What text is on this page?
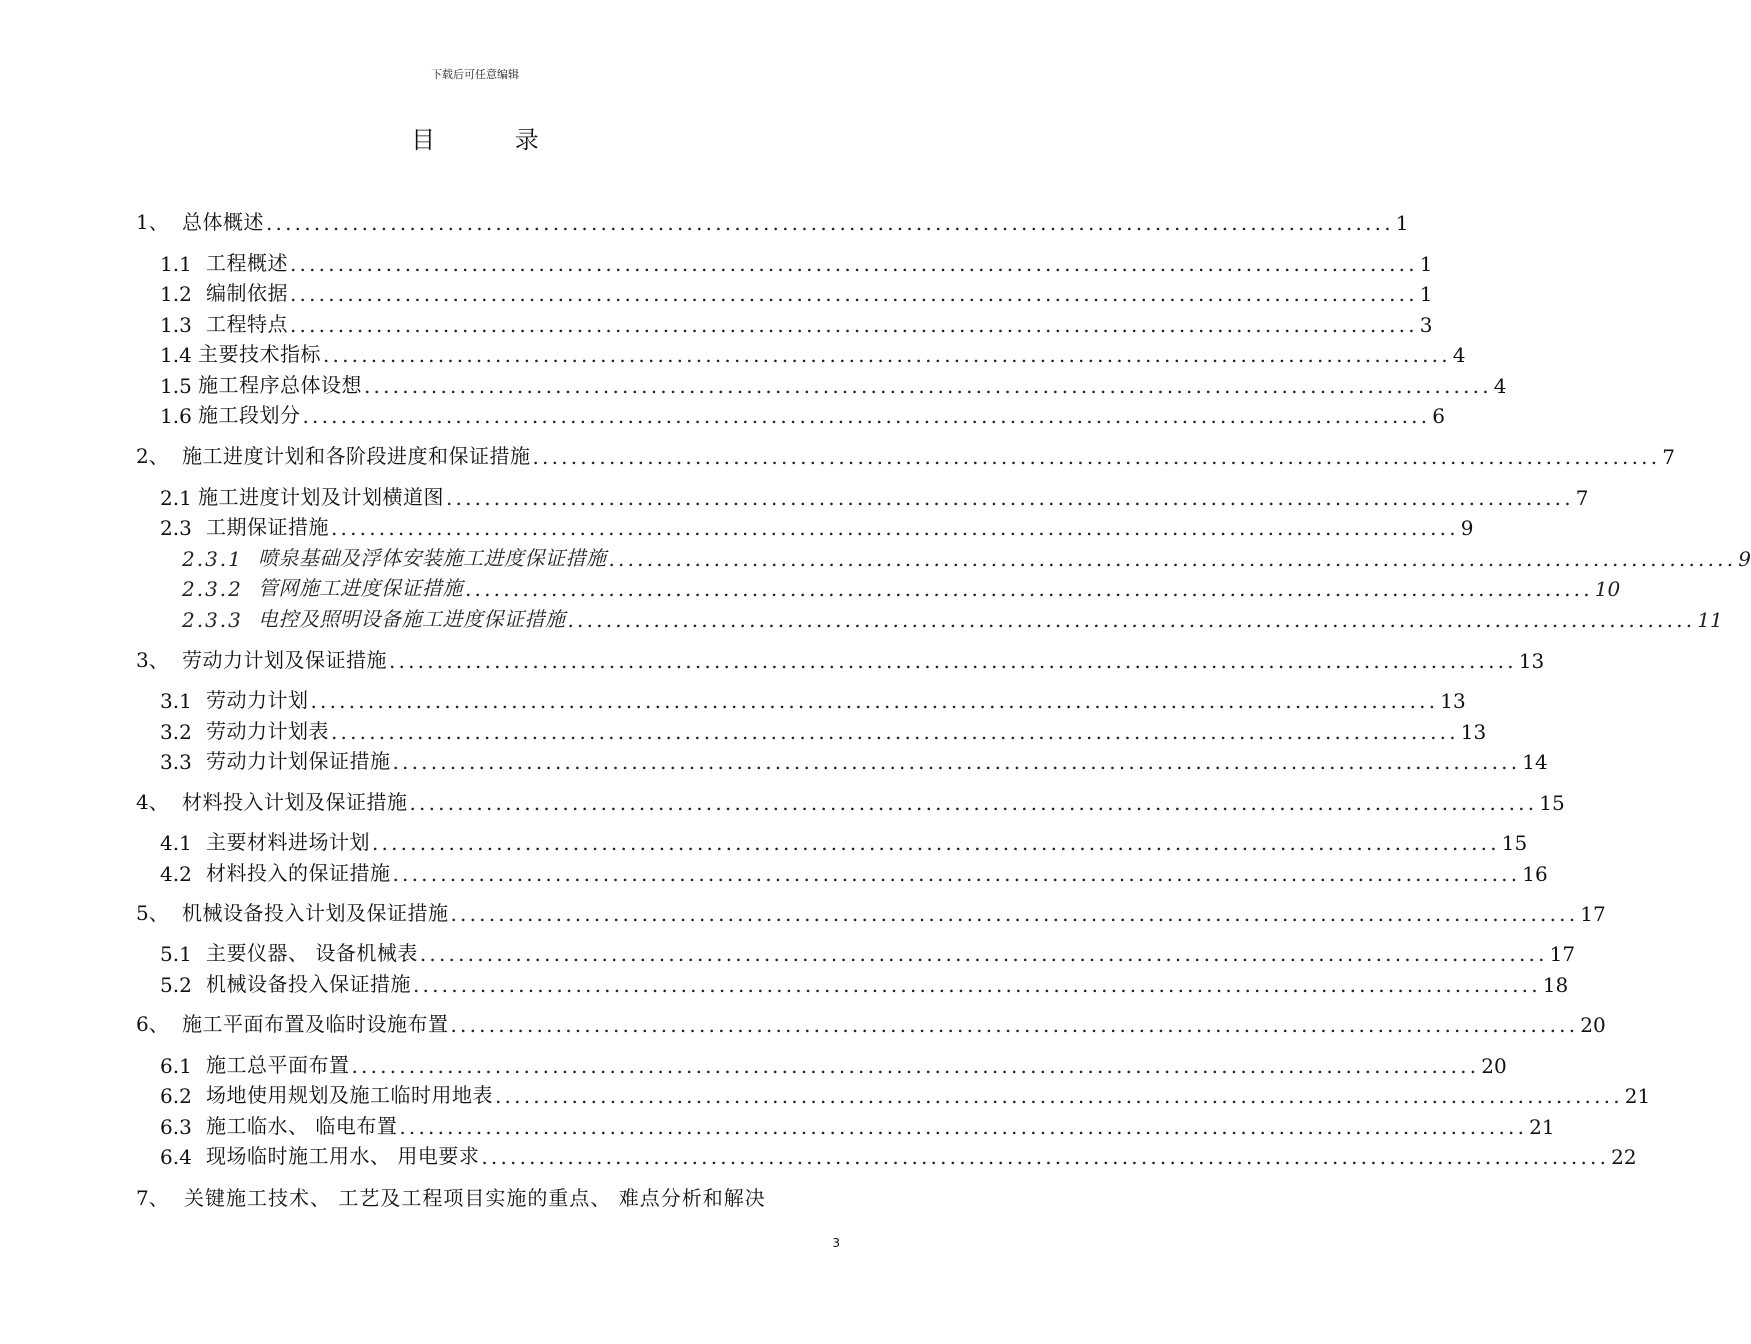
下载后可任意编辑
目 录
1、 总体概述 ...................................................................................................................... 1
1.1 工程概述 ...................................................................................................................... 1
1.2 编制依据 ...................................................................................................................... 1
1.3 工程特点 ...................................................................................................................... 3
1.4 主要技术指标 ...................................................................................................................... 4
1.5 施工程序总体设想 ...................................................................................................................... 4
1.6 施工段划分 ...................................................................................................................... 6
2、 施工进度计划和各阶段进度和保证措施 ...................................................................................................................... 7
2.1 施工进度计划及计划横道图 ...................................................................................................................... 7
2.3 工期保证措施 ...................................................................................................................... 9
2.3.1 喷泉基础及浮体安装施工进度保证措施 ...................................................................................................................... 9
2.3.2 管网施工进度保证措施 ...................................................................................................................... 10
2.3.3 电控及照明设备施工进度保证措施 ...................................................................................................................... 11
3、 劳动力计划及保证措施 ...................................................................................................................... 13
3.1 劳动力计划 ...................................................................................................................... 13
3.2 劳动力计划表 ...................................................................................................................... 13
3.3 劳动力计划保证措施 ...................................................................................................................... 14
4、 材料投入计划及保证措施 ...................................................................................................................... 15
4.1 主要材料进场计划 ...................................................................................................................... 15
4.2 材料投入的保证措施 ...................................................................................................................... 16
5、 机械设备投入计划及保证措施 ...................................................................................................................... 17
5.1 主要仪器、 设备机械表 ...................................................................................................................... 17
5.2 机械设备投入保证措施 ...................................................................................................................... 18
6、 施工平面布置及临时设施布置 ...................................................................................................................... 20
6.1 施工总平面布置 ...................................................................................................................... 20
6.2 场地使用规划及施工临时用地表 ...................................................................................................................... 21
6.3 施工临水、 临电布置 ...................................................................................................................... 21
6.4 现场临时施工用水、 用电要求 ...................................................................................................................... 22
7、 关键施工技术、 工艺及工程项目实施的重点、 难点分析和解决
3
